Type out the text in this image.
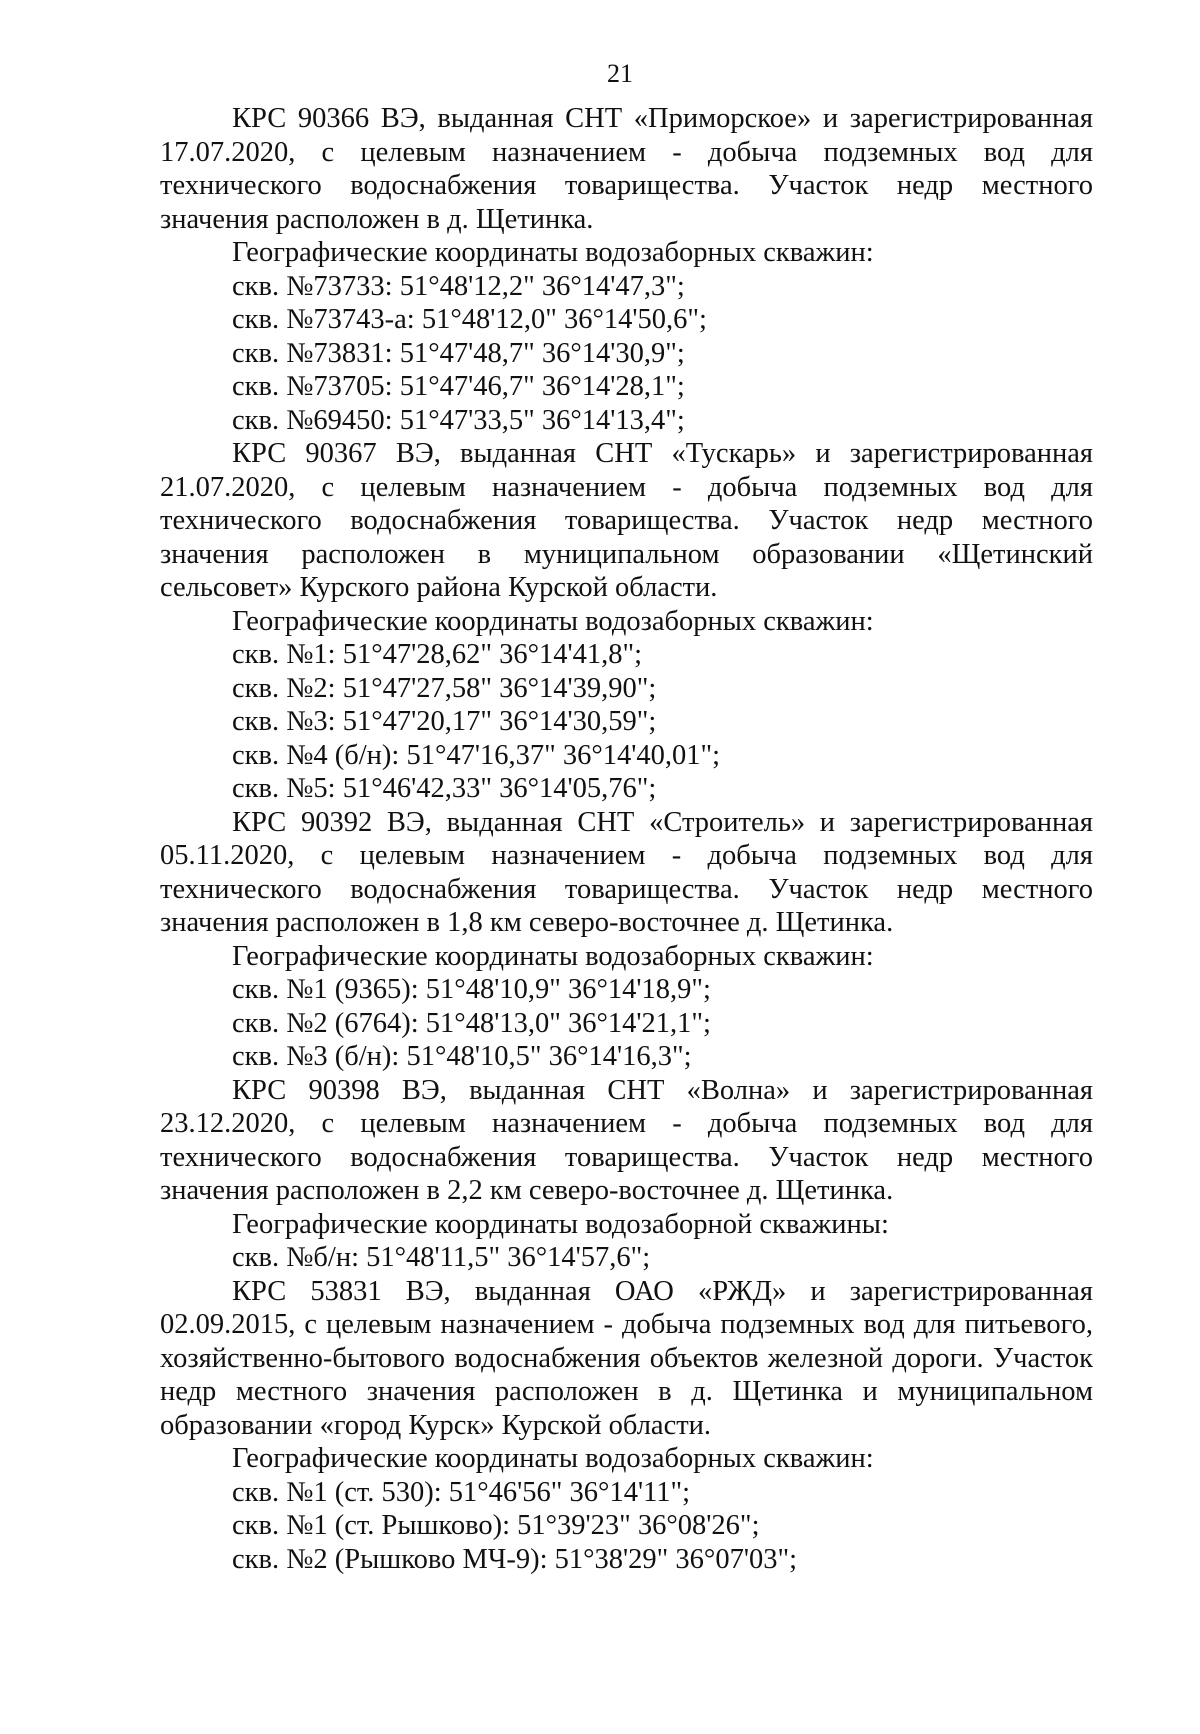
21

КРС 90366 ВЭ, выданная СНТ «Приморское» и зарегистрированная 17.07.2020, с целевым назначением - добыча подземных вод для технического водоснабжения товарищества. Участок недр местного значения расположен в д. Щетинка.

Географические координаты водозаборных скважин:

скв. №73733: 51°48'12,2" 36°14'47,3";

скв. №73743-а: 51°48'12,0" 36°14'50,6";

скв. №73831: 51°47'48,7" 36°14'30,9";

скв. №73705: 51°47'46,7" 36°14'28,1";

скв. №69450: 51°47'33,5" 36°14'13,4";

КРС 90367 ВЭ, выданная СНТ «Тускарь» и зарегистрированная 21.07.2020, с целевым назначением - добыча подземных вод для технического водоснабжения товарищества. Участок недр местного значения расположен в муниципальном образовании «Щетинский сельсовет» Курского района Курской области.

Географические координаты водозаборных скважин:

скв. №1: 51°47'28,62" 36°14'41,8";

скв. №2: 51°47'27,58" 36°14'39,90";

скв. №3: 51°47'20,17" 36°14'30,59";

скв. №4 (б/н): 51°47'16,37" 36°14'40,01";

скв. №5: 51°46'42,33" 36°14'05,76";

КРС 90392 ВЭ, выданная СНТ «Строитель» и зарегистрированная 05.11.2020, с целевым назначением - добыча подземных вод для технического водоснабжения товарищества. Участок недр местного значения расположен в 1,8 км северо-восточнее д. Щетинка.

Географические координаты водозаборных скважин:

скв. №1 (9365): 51°48'10,9" 36°14'18,9";

скв. №2 (6764): 51°48'13,0" 36°14'21,1";

скв. №3 (б/н): 51°48'10,5" 36°14'16,3";

КРС 90398 ВЭ, выданная СНТ «Волна» и зарегистрированная 23.12.2020, с целевым назначением - добыча подземных вод для технического водоснабжения товарищества. Участок недр местного значения расположен в 2,2 км северо-восточнее д. Щетинка.

Географические координаты водозаборной скважины:

скв. №б/н: 51°48'11,5" 36°14'57,6";

КРС 53831 ВЭ, выданная ОАО «РЖД» и зарегистрированная 02.09.2015, с целевым назначением - добыча подземных вод для питьевого, хозяйственно-бытового водоснабжения объектов железной дороги. Участок недр местного значения расположен в д. Щетинка и муниципальном образовании «город Курск» Курской области.

Географические координаты водозаборных скважин:

скв. №1 (ст. 530): 51°46'56" 36°14'11";

скв. №1 (ст. Рышково): 51°39'23" 36°08'26";

скв. №2 (Рышково МЧ-9): 51°38'29" 36°07'03";
